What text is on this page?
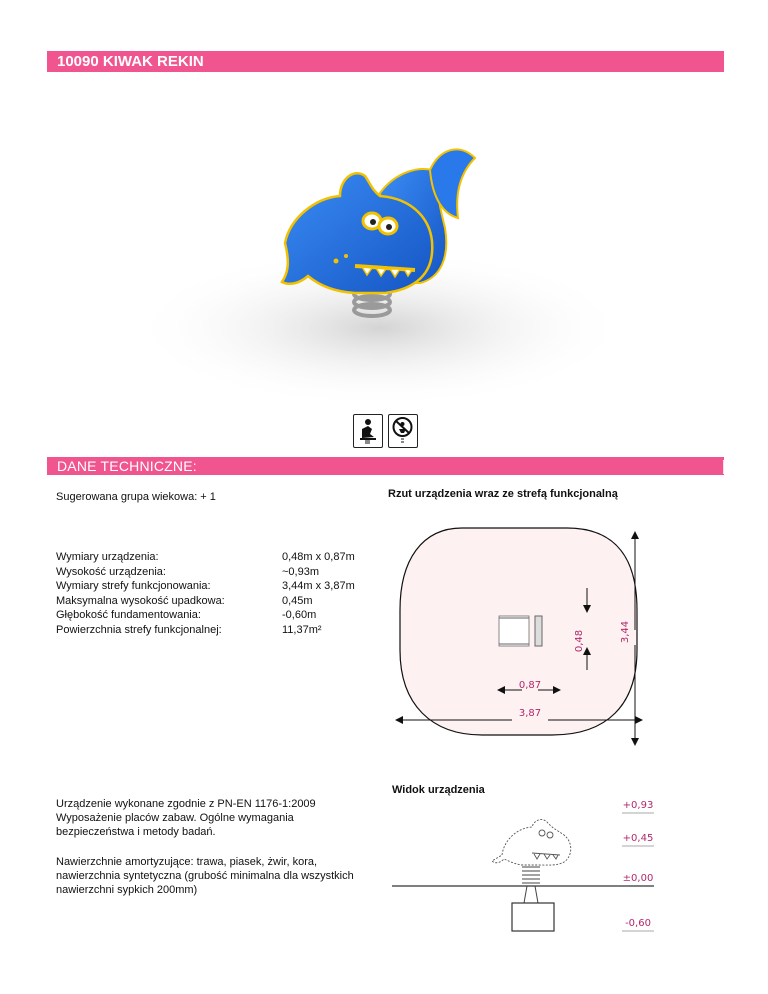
10090 KIWAK REKIN
DANE TECHNICZNE:
Sugerowana grupa wiekowa: + 1	Rzut urządzenia wraz ze strefą funkcjonalną
Wymiary urządzenia:
Wysokość urządzenia:
Wymiary strefy funkcjonowania:
Maksymalna wysokość upadkowa:
Głębokość fundamentowania:
Powierzchnia strefy funkcjonalnej:
0,48m x 0,87m
~0,93m
3,44m x 3,87m
0,45m
-0,60m
11,37m²
0,48	3,44
0,87
3,87
Widok urządzenia
Urządzenie wykonane zgodnie z PN-EN 1176-1:2009
Wyposażenie placów zabaw. Ogólne wymagania
bezpieczeństwa i metody badań.
Nawierzchnie amortyzujące: trawa, piasek, żwir, kora,
nawierzchnia syntetyczna (grubość minimalna dla wszystkich
nawierzchni sypkich 200mm)
+0,93
+0,45
±0,00
-0,60
